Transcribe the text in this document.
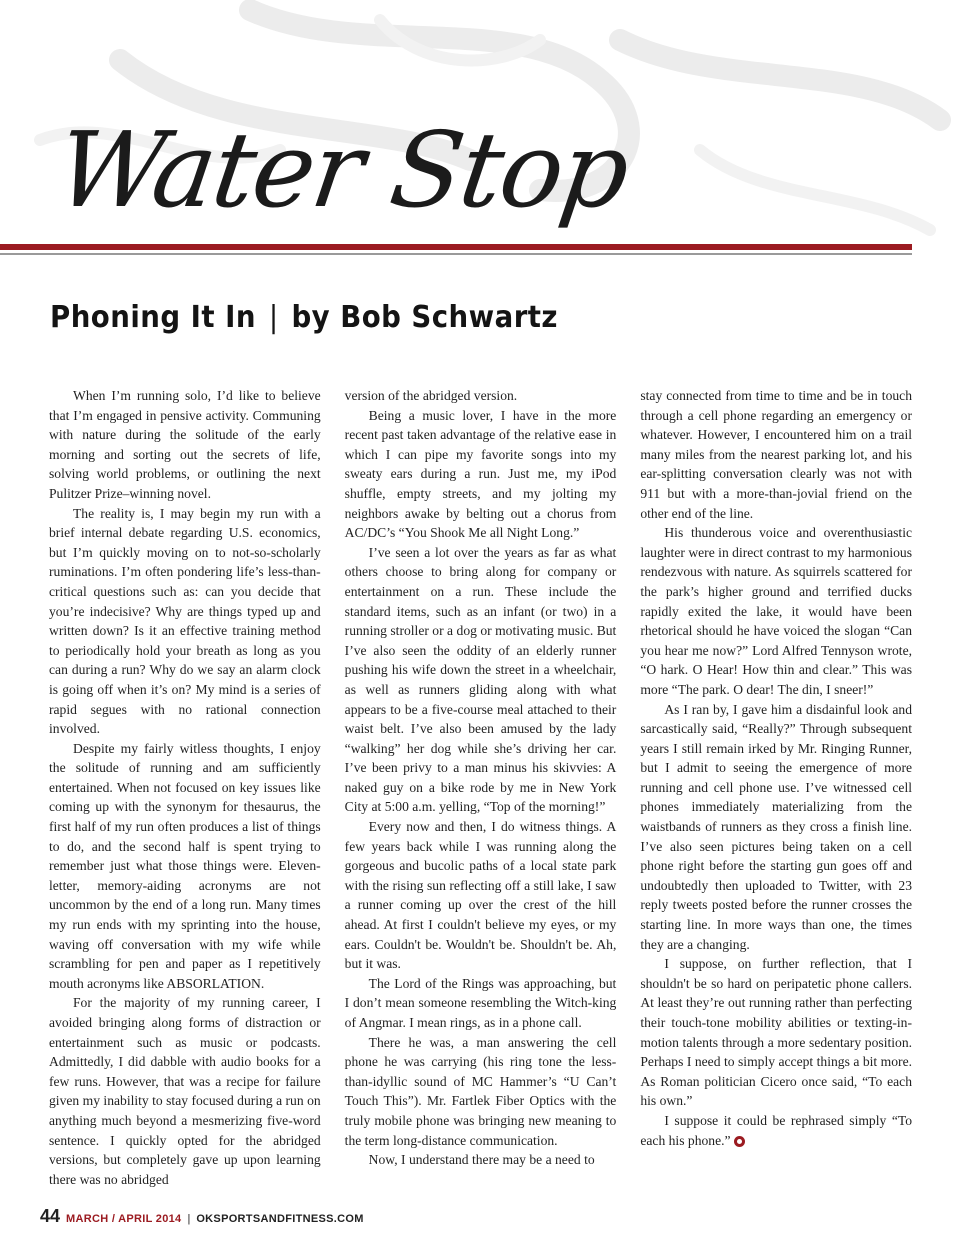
Water Stop
Phoning It In | by Bob Schwartz

When I’m running solo, I’d like to believe that I’m engaged in pensive activity. Communing with nature during the solitude of the early morning and sorting out the secrets of life, solving world problems, or outlining the next Pulitzer Prize–winning novel.

The reality is, I may begin my run with a brief internal debate regarding U.S. economics, but I’m quickly moving on to not-so-scholarly ruminations. I’m often pondering life’s less-than-critical questions such as: can you decide that you’re indecisive? Why are things typed up and written down? Is it an effective training method to periodically hold your breath as long as you can during a run? Why do we say an alarm clock is going off when it’s on? My mind is a series of rapid segues with no rational connection involved.

Despite my fairly witless thoughts, I enjoy the solitude of running and am sufficiently entertained. When not focused on key issues like coming up with the synonym for thesaurus, the first half of my run often produces a list of things to do, and the second half is spent trying to remember just what those things were. Eleven-letter, memory-aiding acronyms are not uncommon by the end of a long run. Many times my run ends with my sprinting into the house, waving off conversation with my wife while scrambling for pen and paper as I repetitively mouth acronyms like ABSORLATION.

For the majority of my running career, I avoided bringing along forms of distraction or entertainment such as music or podcasts. Admittedly, I did dabble with audio books for a few runs. However, that was a recipe for failure given my inability to stay focused during a run on anything much beyond a mesmerizing five-word sentence. I quickly opted for the abridged versions, but completely gave up upon learning there was no abridged

version of the abridged version.

Being a music lover, I have in the more recent past taken advantage of the relative ease in which I can pipe my favorite songs into my sweaty ears during a run. Just me, my iPod shuffle, empty streets, and my jolting my neighbors awake by belting out a chorus from AC/DC’s “You Shook Me all Night Long.”

I’ve seen a lot over the years as far as what others choose to bring along for company or entertainment on a run. These include the standard items, such as an infant (or two) in a running stroller or a dog or motivating music. But I’ve also seen the oddity of an elderly runner pushing his wife down the street in a wheelchair, as well as runners gliding along with what appears to be a five-course meal attached to their waist belt. I’ve also been amused by the lady “walking” her dog while she’s driving her car. I’ve been privy to a man minus his skivvies: A naked guy on a bike rode by me in New York City at 5:00 a.m. yelling, “Top of the morning!”

Every now and then, I do witness things. A few years back while I was running along the gorgeous and bucolic paths of a local state park with the rising sun reflecting off a still lake, I saw a runner coming up over the crest of the hill ahead. At first I couldn't believe my eyes, or my ears. Couldn't be. Wouldn't be. Shouldn't be. Ah, but it was.

The Lord of the Rings was approaching, but I don’t mean someone resembling the Witch-king of Angmar. I mean rings, as in a phone call.

There he was, a man answering the cell phone he was carrying (his ring tone the less-than-idyllic sound of MC Hammer’s “U Can’t Touch This”). Mr. Fartlek Fiber Optics with the truly mobile phone was bringing new meaning to the term long-distance communication.

Now, I understand there may be a need to

stay connected from time to time and be in touch through a cell phone regarding an emergency or whatever. However, I encountered him on a trail many miles from the nearest parking lot, and his ear-splitting conversation clearly was not with 911 but with a more-than-jovial friend on the other end of the line.

His thunderous voice and overenthusiastic laughter were in direct contrast to my harmonious rendezvous with nature. As squirrels scattered for the park’s higher ground and terrified ducks rapidly exited the lake, it would have been rhetorical should he have voiced the slogan “Can you hear me now?” Lord Alfred Tennyson wrote, “O hark. O Hear! How thin and clear.” This was more “The park. O dear! The din, I sneer!”

As I ran by, I gave him a disdainful look and sarcastically said, “Really?” Through subsequent years I still remain irked by Mr. Ringing Runner, but I admit to seeing the emergence of more running and cell phone use. I’ve witnessed cell phones immediately materializing from the waistbands of runners as they cross a finish line. I’ve also seen pictures being taken on a cell phone right before the starting gun goes off and undoubtedly then uploaded to Twitter, with 23 reply tweets posted before the runner crosses the starting line. In more ways than one, the times they are a changing.

I suppose, on further reflection, that I shouldn't be so hard on peripatetic phone callers. At least they’re out running rather than perfecting their touch-tone mobility abilities or texting-in-motion talents through a more sedentary position. Perhaps I need to simply accept things a bit more. As Roman politician Cicero once said, “To each his own.”

I suppose it could be rephrased simply “To each his phone.”

44 MARCH / APRIL 2014 | OKSPORTSANDFITNESS.COM
